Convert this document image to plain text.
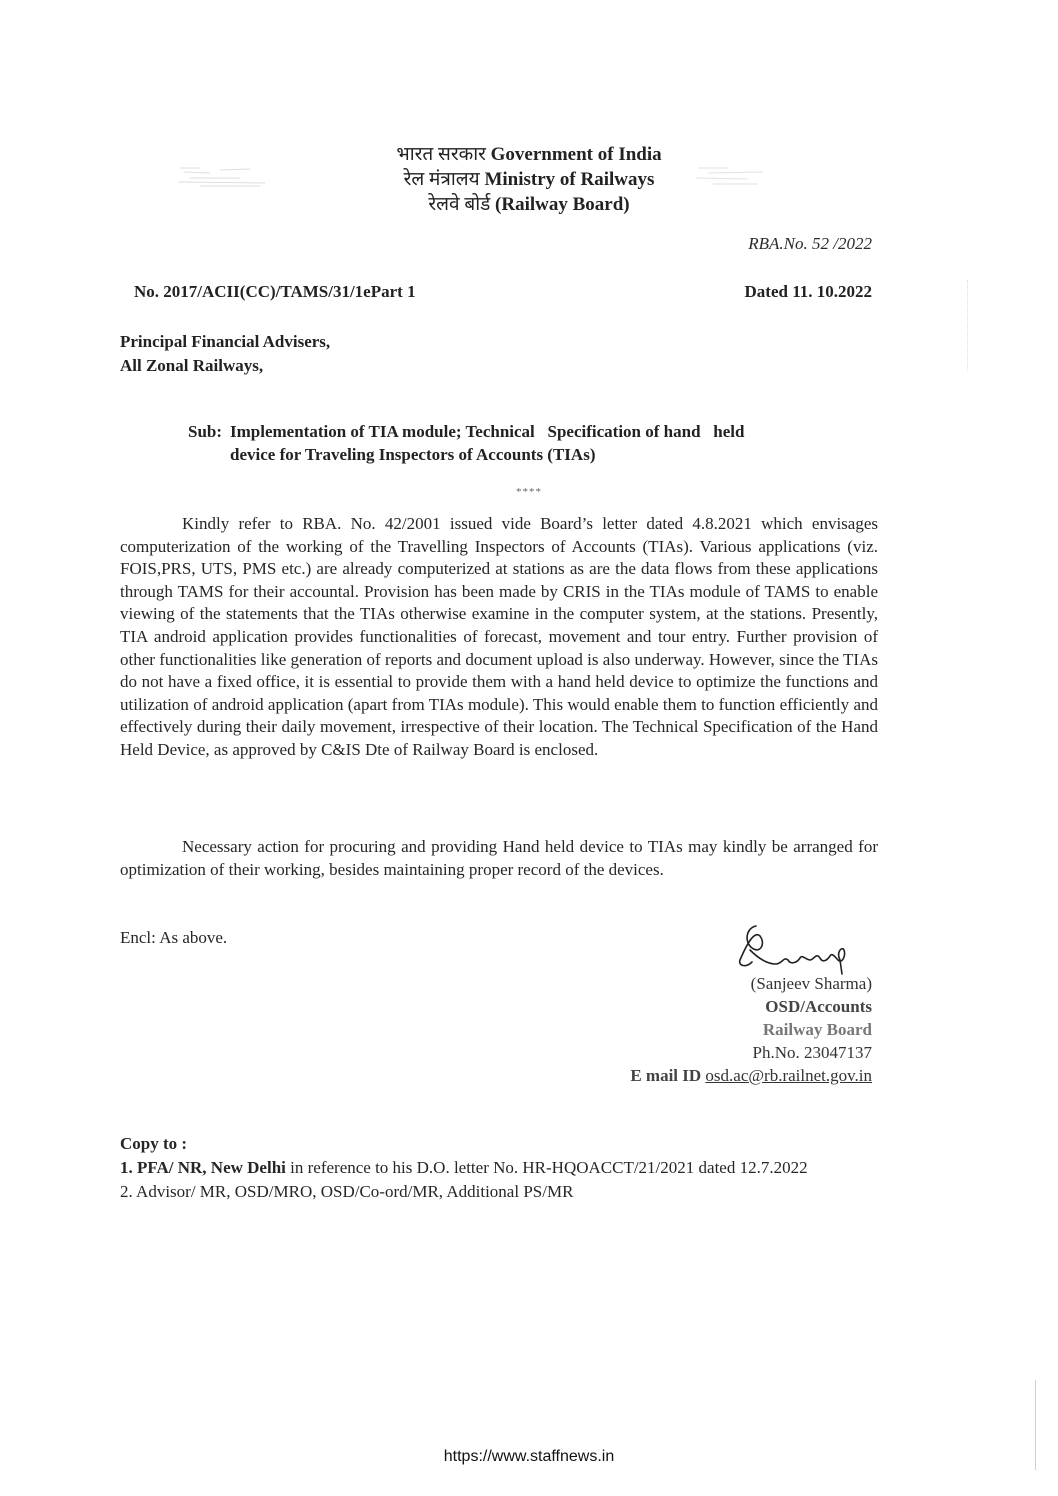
भारत सरकार Government of India
रेल मंत्रालय Ministry of Railways
रेलवे बोर्ड (Railway Board)
RBA.No. 52 /2022
No. 2017/ACII(CC)/TAMS/31/1ePart 1	Dated 11. 10.2022
Principal Financial Advisers,
All Zonal Railways,
Sub: Implementation of TIA module; Technical   Specification of hand   held
device for Traveling Inspectors of Accounts (TIAs)
****
Kindly refer to RBA. No. 42/2001 issued vide Board’s letter dated 4.8.2021 which envisages computerization of the working of the Travelling Inspectors of Accounts (TIAs). Various applications (viz. FOIS,PRS, UTS, PMS etc.) are already computerized at stations as are the data flows from these applications through TAMS for their accountal. Provision has been made by CRIS in the TIAs module of TAMS to enable viewing of the statements that the TIAs otherwise examine in the computer system, at the stations. Presently, TIA android application provides functionalities of forecast, movement and tour entry. Further provision of other functionalities like generation of reports and document upload is also underway. However, since the TIAs do not have a fixed office, it is essential to provide them with a hand held device to optimize the functions and utilization of android application (apart from TIAs module). This would enable them to function efficiently and effectively during their daily movement, irrespective of their location. The Technical Specification of the Hand Held Device, as approved by C&IS Dte of Railway Board is enclosed.
Necessary action for procuring and providing Hand held device to TIAs may kindly be arranged for optimization of their working, besides maintaining proper record of the devices.
Encl: As above.
(Sanjeev Sharma)
OSD/Accounts
Railway Board
Ph.No. 23047137
E mail ID osd.ac@rb.railnet.gov.in
Copy to :
1. PFA/ NR, New Delhi in reference to his D.O. letter No. HR-HQOACCT/21/2021 dated 12.7.2022
2. Advisor/ MR, OSD/MRO, OSD/Co-ord/MR, Additional PS/MR
https://www.staffnews.in
